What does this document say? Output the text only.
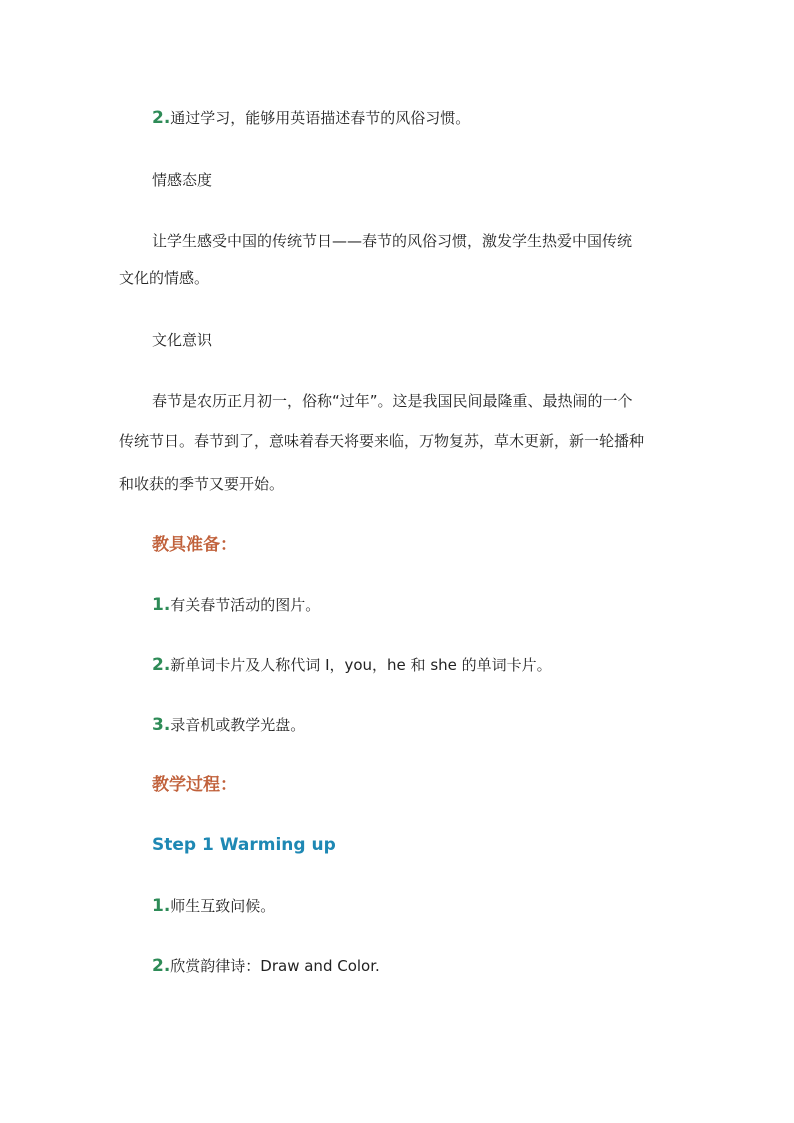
2.通过学习，能够用英语描述春节的风俗习惯。
情感态度
让学生感受中国的传统节日——春节的风俗习惯，激发学生热爱中国传统
文化的情感。
文化意识
春节是农历正月初一，俗称“过年”。这是我国民间最隆重、最热闹的一个
传统节日。春节到了，意味着春天将要来临，万物复苏，草木更新，新一轮播种
和收获的季节又要开始。
教具准备：
1.有关春节活动的图片。
2.新单词卡片及人称代词 I，you，he 和 she 的单词卡片。
3.录音机或教学光盘。
教学过程：
Step 1 Warming up
1.师生互致问候。
2.欣赏韵律诗：Draw and Color.
